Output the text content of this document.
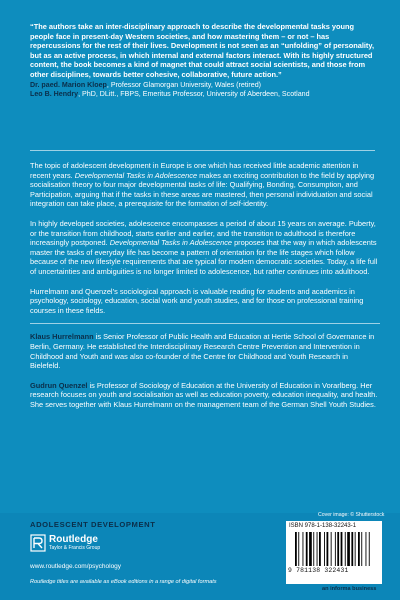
“The authors take an inter-disciplinary approach to describe the developmental tasks young people face in present-day Western societies, and how mastering them – or not – has repercussions for the rest of their lives. Development is not seen as an “unfolding” of personality, but as an active process, in which internal and external factors interact. With its highly structured content, the book becomes a kind of magnet that could attract social scientists, and those from other disciplines, towards better cohesive, collaborative, future action.”

Dr. paed. Marion Kloep, Professor Glamorgan University, Wales (retired)

Leo B. Hendry, PhD, DLitt., FBPS, Emeritus Professor, University of Aberdeen, Scotland

The topic of adolescent development in Europe is one which has received little academic attention in recent years. Developmental Tasks in Adolescence makes an exciting contribution to the field by applying socialisation theory to four major developmental tasks of life: Qualifying, Bonding, Consumption, and Participation, arguing that if the tasks in these areas are mastered, then personal individuation and social integration can take place, a prerequisite for the formation of self-identity.

In highly developed societies, adolescence encompasses a period of about 15 years on average. Puberty, or the transition from childhood, starts earlier and earlier, and the transition to adulthood is therefore increasingly postponed. Developmental Tasks in Adolescence proposes that the way in which adolescents master the tasks of everyday life has become a pattern of orientation for the life stages which follow because of the new lifestyle requirements that are typical for modern democratic societies. Today, a life full of uncertainties and ambiguities is no longer limited to adolescence, but rather continues into adulthood.

Hurrelmann and Quenzel’s sociological approach is valuable reading for students and academics in psychology, sociology, education, social work and youth studies, and for those on professional training courses in these fields.

Klaus Hurrelmann is Senior Professor of Public Health and Education at Hertie School of Governance in Berlin, Germany. He established the Interdisciplinary Research Centre Prevention and Intervention in Childhood and Youth and was also co-founder of the Centre for Childhood and Youth Research in Bielefeld.

Gudrun Quenzel is Professor of Sociology of Education at the University of Education in Vorarlberg. Her research focuses on youth and socialisation as well as education poverty, education inequality, and health. She serves together with Klaus Hurrelmann on the management team of the German Shell Youth Studies.

ADOLESCENT DEVELOPMENT
Routledge
Taylor & Francis Group
www.routledge.com/psychology
Routledge titles are available as eBook editions in a range of digital formats
Cover image: © Shutterstock
ISBN 978-1-138-32243-1
9 781138 322431
an informa business
